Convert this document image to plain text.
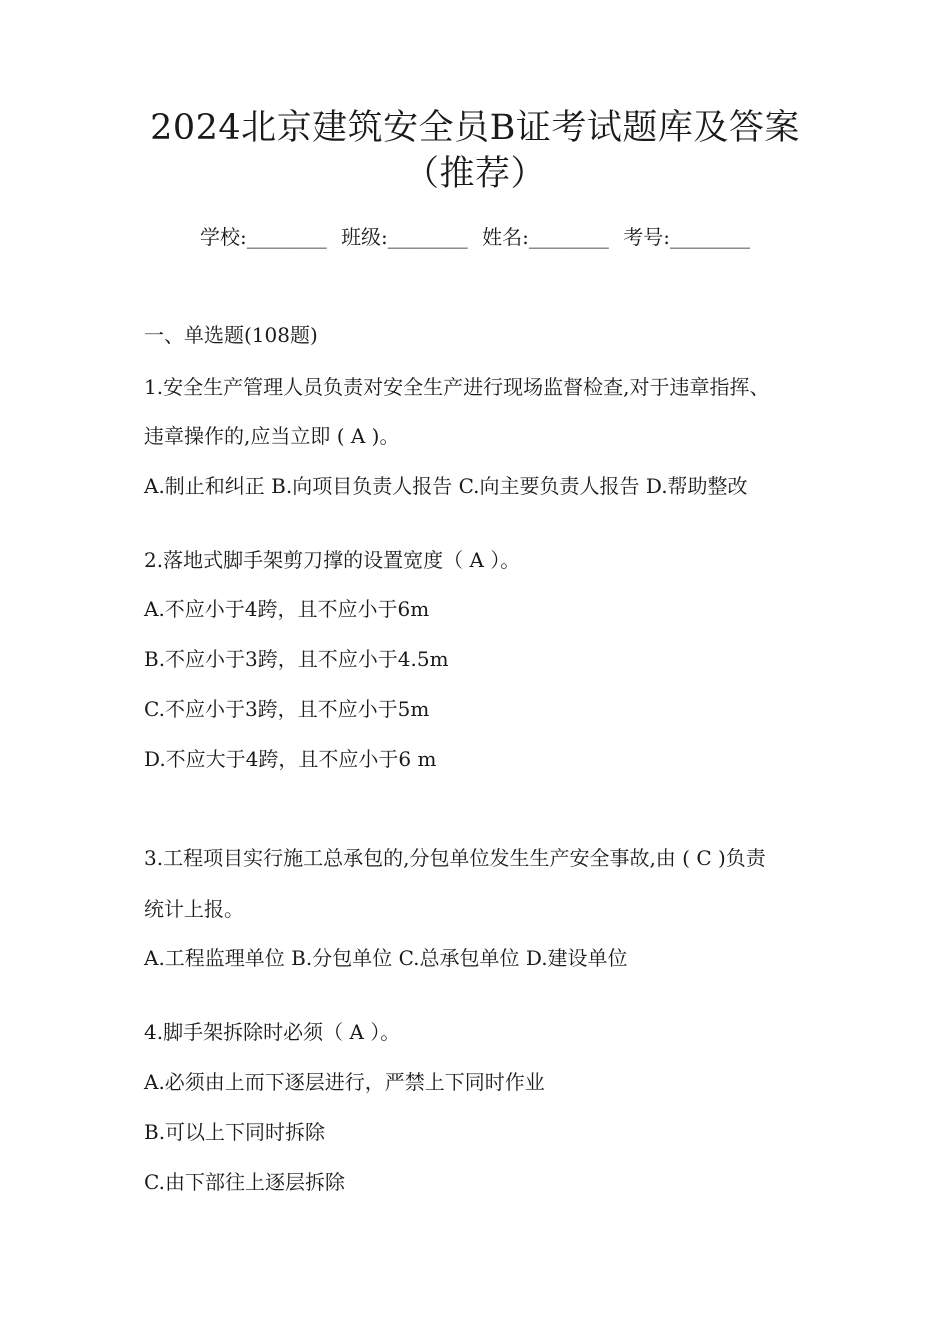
2024北京建筑安全员B证考试题库及答案
（推荐）
学校:________ 班级:________ 姓名:________ 考号:________
一、单选题(108题)
1.安全生产管理人员负责对安全生产进行现场监督检查,对于违章指挥、
违章操作的,应当立即 ( A )。
A.制止和纠正 B.向项目负责人报告 C.向主要负责人报告 D.帮助整改
2.落地式脚手架剪刀撑的设置宽度（ A ）。
A.不应小于4跨，且不应小于6m
B.不应小于3跨，且不应小于4.5m
C.不应小于3跨，且不应小于5m
D.不应大于4跨，且不应小于6 m
3.工程项目实行施工总承包的,分包单位发生生产安全事故,由 ( C )负责
统计上报。
A.工程监理单位 B.分包单位 C.总承包单位 D.建设单位
4.脚手架拆除时必须（ A ）。
A.必须由上而下逐层进行，严禁上下同时作业
B.可以上下同时拆除
C.由下部往上逐层拆除
